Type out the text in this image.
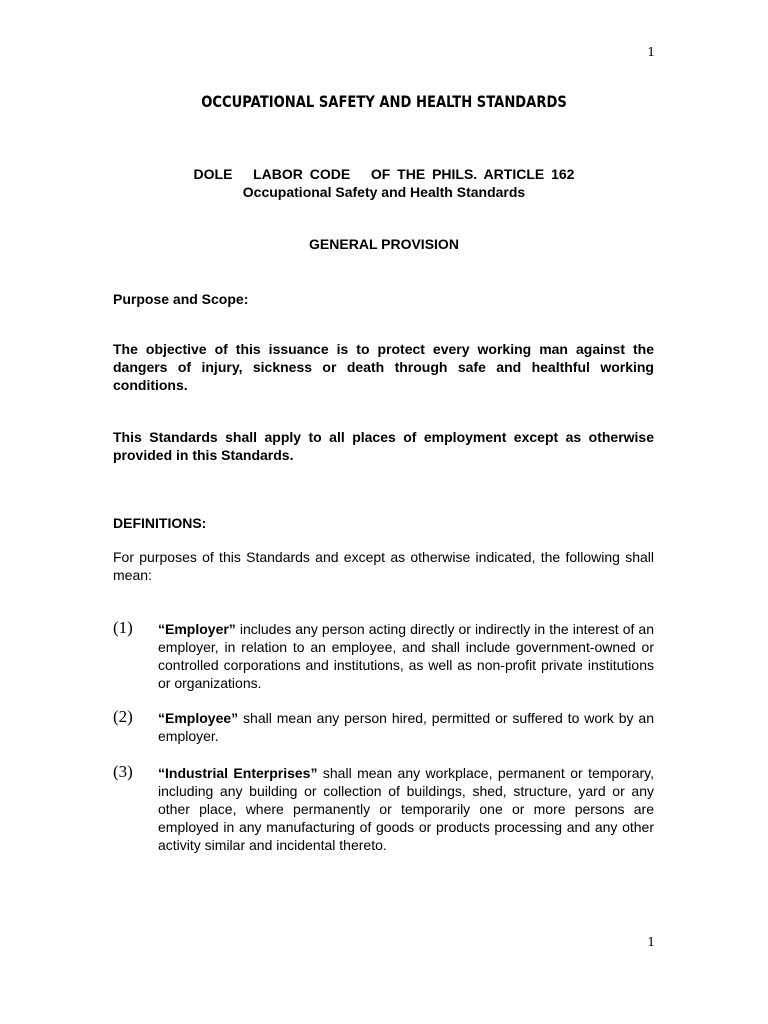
1
OCCUPATIONAL SAFETY AND HEALTH STANDARDS
DOLE   LABOR CODE   OF THE PHILS. ARTICLE 162
Occupational Safety and Health Standards
GENERAL PROVISION
Purpose and Scope:
The objective of this issuance is to protect every working man against the dangers of injury, sickness or death through safe and healthful working conditions.
This Standards shall apply to all places of employment except as otherwise provided in this Standards.
DEFINITIONS:
For purposes of this Standards and except as otherwise indicated, the following shall mean:
(1) “Employer” includes any person acting directly or indirectly in the interest of an employer, in relation to an employee, and shall include government-owned or controlled corporations and institutions, as well as non-profit private institutions or organizations.
(2) “Employee” shall mean any person hired, permitted or suffered to work by an employer.
(3) “Industrial Enterprises” shall mean any workplace, permanent or temporary, including any building or collection of buildings, shed, structure, yard or any other place, where permanently or temporarily one or more persons are employed in any manufacturing of goods or products processing and any other activity similar and incidental thereto.
1
